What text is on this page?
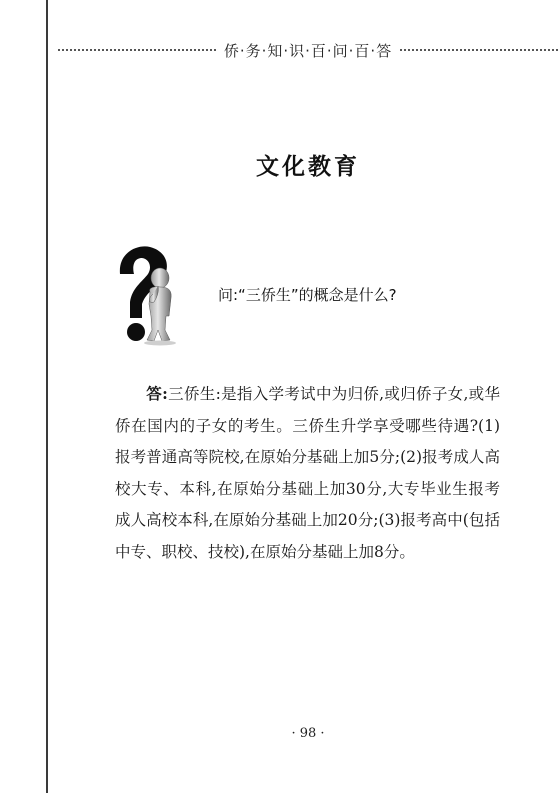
侨·务·知·识·百·问·百·答
文化教育
问:“三侨生”的概念是什么?
答:三侨生:是指入学考试中为归侨,或归侨子女,或华侨在国内的子女的考生。三侨生升学享受哪些待遇?(1)报考普通高等院校,在原始分基础上加5分;(2)报考成人高校大专、本科,在原始分基础上加30分,大专毕业生报考成人高校本科,在原始分基础上加20分;(3)报考高中(包括中专、职校、技校),在原始分基础上加8分。
· 98 ·
